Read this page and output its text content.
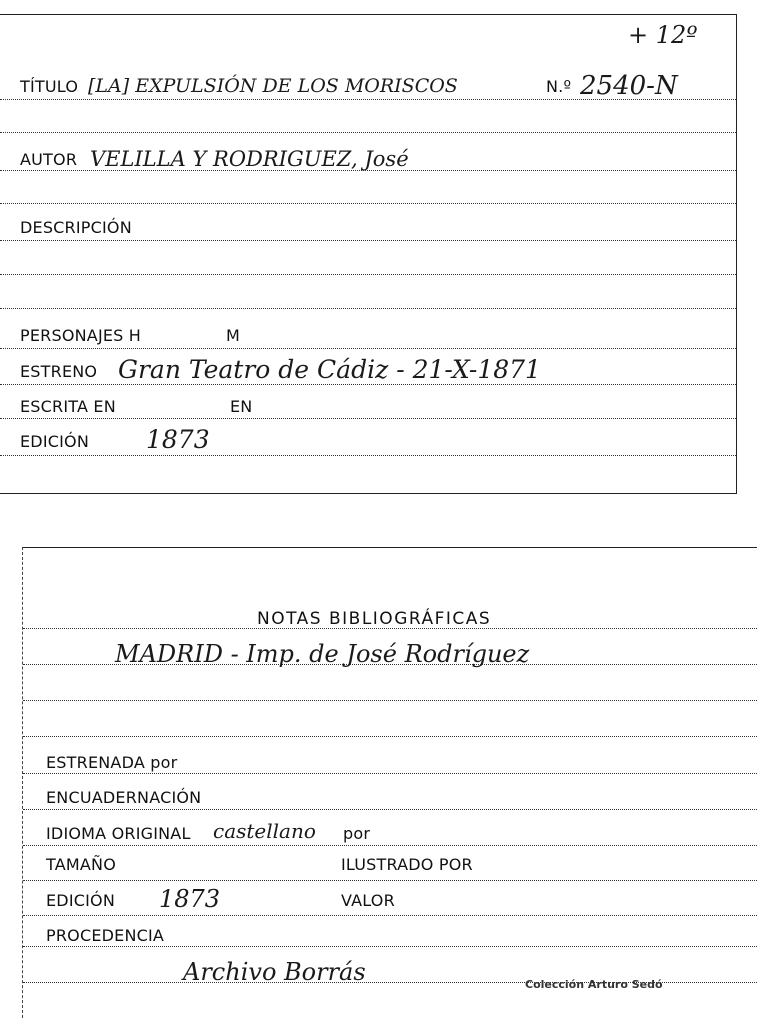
+ 12º
TÍTULO [LA] EXPULSIÓN DE LOS MORISCOS	N.º 2540-N
AUTOR VELILLA Y RODRIGUEZ, José
DESCRIPCIÓN
PERSONAJES H	M
ESTRENO Gran Teatro de Cádiz - 21-X-1871
ESCRITA EN	EN
EDICIÓN 1873
NOTAS BIBLIOGRÁFICAS
MADRID - Imp. de José Rodríguez
ESTRENADA por
ENCUADERNACIÓN
IDIOMA ORIGINAL castellano por
TAMAÑO	ILUSTRADO POR
EDICIÓN 1873	VALOR
PROCEDENCIA
Archivo Borrás	Colección Arturo Sedó
